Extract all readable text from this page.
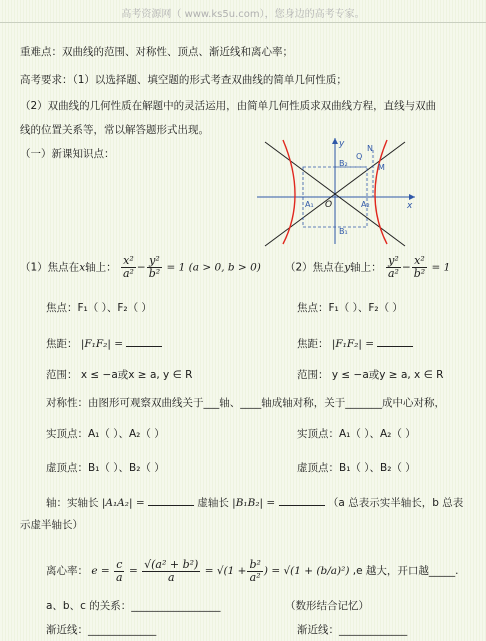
高考资源网（ www.ks5u.com），您身边的高考专家。
重难点：双曲线的范围、对称性、顶点、渐近线和离心率；
高考要求：（1）以选择题、填空题的形式考查双曲线的简单几何性质；
（2）双曲线的几何性质在解题中的灵活运用，由简单几何性质求双曲线方程，直线与双曲
线的位置关系等，常以解答题形式出现。
（一）新课知识点：
B₂
B₁
A₁	A₂
O
N
Q
M
x
y
（1）焦点在x轴上： $\frac{\text{x²}}{\text{a²}} - \frac{\text{y²}}{\text{b²}} = 1$ (a > 0, b > 0) （2）焦点在y轴上： $\frac{\text{y²}}{\text{a²}} - \frac{\text{x²}}{\text{b²}} = 1$
焦点：F₁（ ）、F₂（ ）	焦点：F₁（ ）、F₂（ ）
焦距： |F₁F₂| =	焦距： |F₁F₂| =
范围： x ≤ −a或x ≥ a, y ∈ R	范围： y ≤ −a或y ≥ a, x ∈ R
对称性：由图形可观察双曲线关于___轴、____轴成轴对称，关于_______成中心对称，
实顶点：A₁（ ）、A₂（ ）	实顶点：A₁（ ）、A₂（ ）
虚顶点：B₁（ ）、B₂（ ）	虚顶点：B₁（ ）、B₂（ ）
轴：实轴长 |A₁A₂| =	虚轴长 |B₁B₂| =	（a 总表示实半轴长，b 总表
示虚半轴长）
离心率： $e = \frac{c}{a} = \frac{\text{√(a² + b²)}}{a} = √(1 + \frac{\text{b²}}{\text{a²}}$ ) = √(1 + (b/a)²) ,e 越大，开口越_____.
a、b、c 的关系：_________________	（数形结合记忆）
渐近线：_____________	渐近线：_____________
